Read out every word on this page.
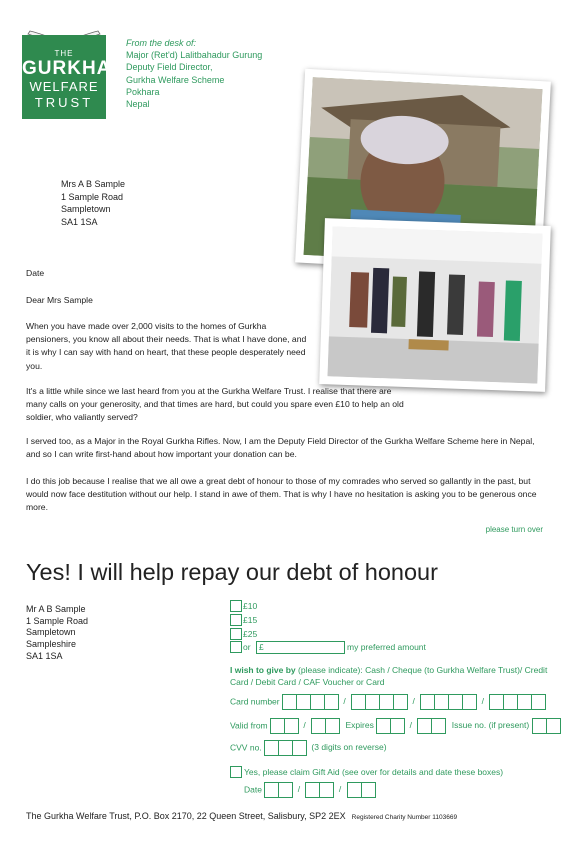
THE
GURKHA
WELFARE
TRUST
From the desk of:
Major (Ret'd) Lalitbahadur Gurung
Deputy Field Director,
Gurkha Welfare Scheme
Pokhara
Nepal
Mrs A B Sample
1 Sample Road
Sampletown
SA1 1SA
Date
Dear Mrs Sample
When you have made over 2,000 visits to the homes of Gurkha pensioners, you know all about their needs. That is what I have done, and it is why I can say with hand on heart, that these people desperately need you.
It's a little while since we last heard from you at the Gurkha Welfare Trust. I realise that there are many calls on your generosity, and that times are hard, but could you spare even £10 to help an old soldier, who valiantly served?
I served too, as a Major in the Royal Gurkha Rifles. Now, I am the Deputy Field Director of the Gurkha Welfare Scheme here in Nepal, and so I can write first-hand about how important your donation can be.
I do this job because I realise that we all owe a great debt of honour to those of my comrades who served so gallantly in the past, but would now face destitution without our help. I stand in awe of them. That is why I have no hesitation is asking you to be generous once more.
please turn over
Yes! I will help repay our debt of honour
Mr A B Sample
1 Sample Road
Sampletown
Sampleshire
SA1 1SA
£10
£15
£25
or £	my preferred amount
I wish to give by (please indicate): Cash / Cheque (to Gurkha Welfare Trust)/ Credit Card / Debit Card / CAF Voucher or Card
Card number	/	/	/
Valid from	/	Expires	/	Issue no. (if present)
CVV no.	(3 digits on reverse)
Yes, please claim Gift Aid (see over for details and date these boxes)
Date	/	/
The Gurkha Welfare Trust, P.O. Box 2170, 22 Queen Street, Salisbury, SP2 2EX Registered Charity Number 1103669
